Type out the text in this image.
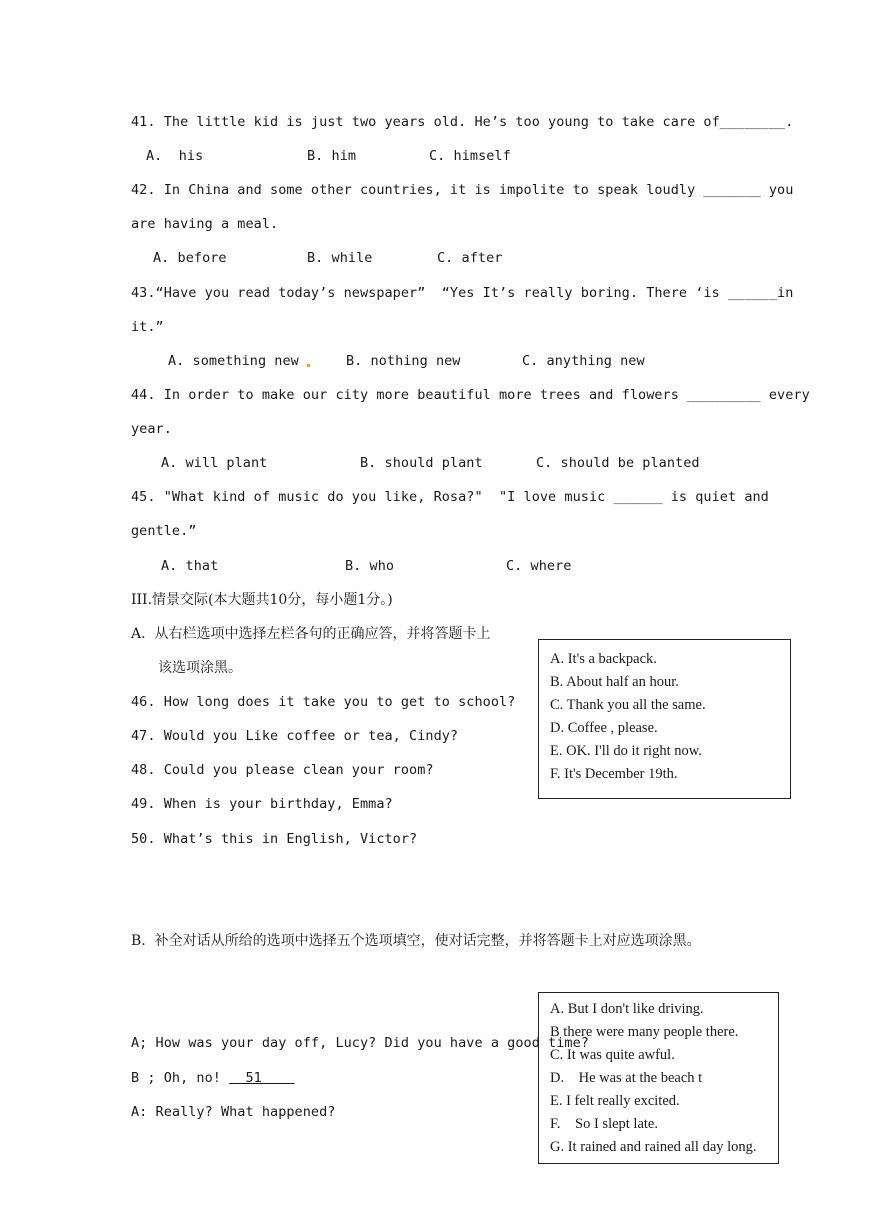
41. The little kid is just two years old. He’s too young to take care of________.
A.  his	B. him	C. himself
42. In China and some other countries, it is impolite to speak loudly _______ you
are having a meal.
A. before	B. while	C. after
43.“Have you read today’s newspaper”  “Yes It’s really boring. There ‘is ______in
it.”
A. something new	B. nothing new	C. anything new
44. In order to make our city more beautiful more trees and flowers _________ every
year.
A. will plant	B. should plant	C. should be planted
45. "What kind of music do you like, Rosa?"  "I love music ______ is quiet and
gentle.”
A. that	B. who	C. where
III.情景交际(本大题共10分，每小题1分。)
A.  从右栏选项中选择左栏各句的正确应答，并将答题卡上
该选项涂黑。
46. How long does it take you to get to school?
47. Would you Like coffee or tea, Cindy?
48. Could you please clean your room?
49. When is your birthday, Emma?
50. What’s this in English, Victor?
A. It's a backpack.
B. About half an hour.
C. Thank you all the same.
D. Coffee , please.
E. OK. I'll do it right now.
F. It's December 19th.
B.  补全对话从所给的选项中选择五个选项填空，使对话完整，并将答题卡上对应选项涂黑。
A; How was your day off, Lucy? Did you have a good time?
B ; Oh, no!   51
A: Really? What happened?
A. But I don't like driving.
B there were many people there.
C. It was quite awful.
D.    He was at the beach t
E. I felt really excited.
F.    So I slept late.
G. It rained and rained all day long.
